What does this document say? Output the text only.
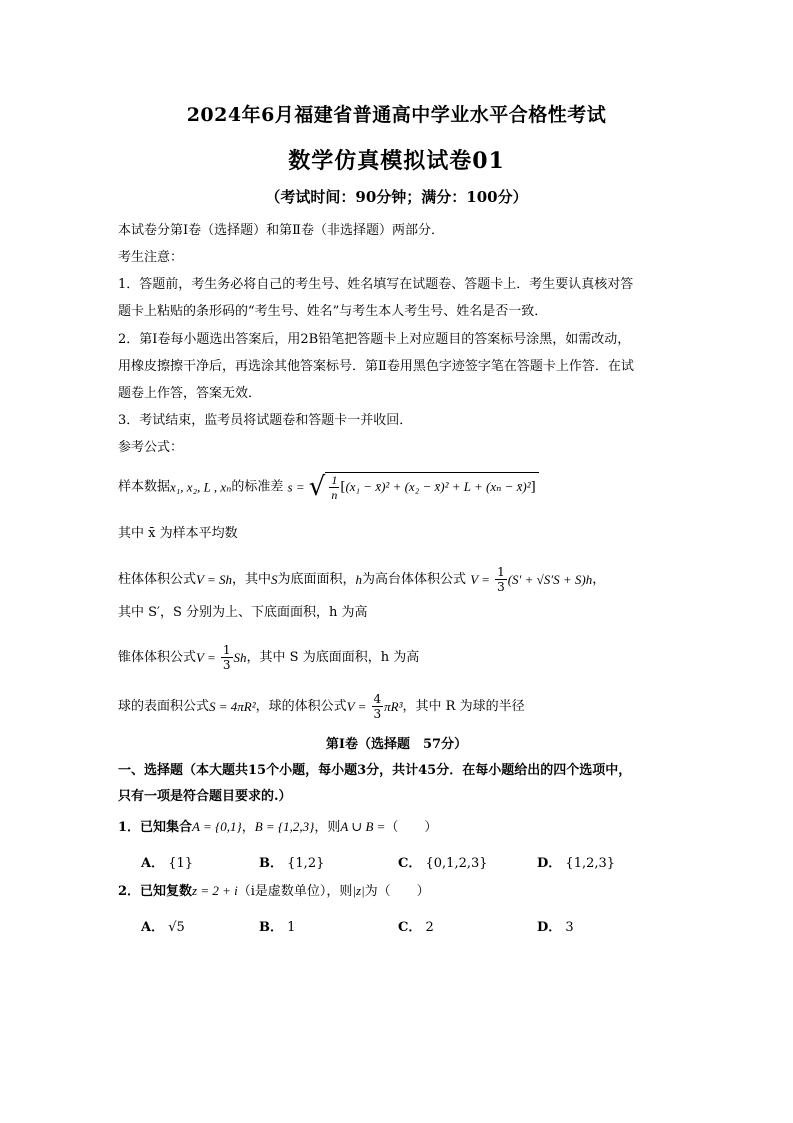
2024年6月福建省普通高中学业水平合格性考试
数学仿真模拟试卷01
（考试时间：90分钟；满分：100分）
本试卷分第Ⅰ卷（选择题）和第Ⅱ卷（非选择题）两部分．
考生注意：
1．答题前，考生务必将自己的考生号、姓名填写在试题卷、答题卡上．考生要认真核对答
题卡上粘贴的条形码的“考生号、姓名”与考生本人考生号、姓名是否一致．
2．第Ⅰ卷每小题选出答案后，用2B铅笔把答题卡上对应题目的答案标号涂黑，如需改动，
用橡皮擦擦干净后，再选涂其他答案标号．第Ⅱ卷用黑色字迹签字笔在答题卡上作答．在试
题卷上作答，答案无效．
3．考试结束，监考员将试题卷和答题卡一并收回．
参考公式：
样本数据x₁, x₂, L , xₙ的标准差 s = √ $\frac{1}{n} [(x_1$ − x̄)² + (x₂ − x̄)² + L + (xₙ − x̄)²]
其中 x̄ 为样本平均数
柱体体积公式V = Sh，其中S为底面面积，h为高台体体积公式 $V = \frac{1}{3} (S' + √S'S + S)h$，
其中 S′，S 分别为上、下底面面积，h 为高
锥体体积公式$V = \frac{1}{3}$ Sh，其中 S 为底面面积，h 为高
球的表面积公式S = 4πR²，球的体积公式$V = \frac{4}{3} \pi R^3$，其中 R 为球的半径
第Ⅰ卷（选择题　57分）
一、选择题（本大题共15个小题，每小题3分，共计45分．在每小题给出的四个选项中，
只有一项是符合题目要求的.）
1．已知集合A = {0,1}，B = {1,2,3}，则A ∪ B =（　　）
A． {1}	B． {1,2}	C． {0,1,2,3}	D． {1,2,3}
2．已知复数z = 2 + i（i是虚数单位），则|z|为（　　）
A． √5	B． 1	C． 2	D． 3
